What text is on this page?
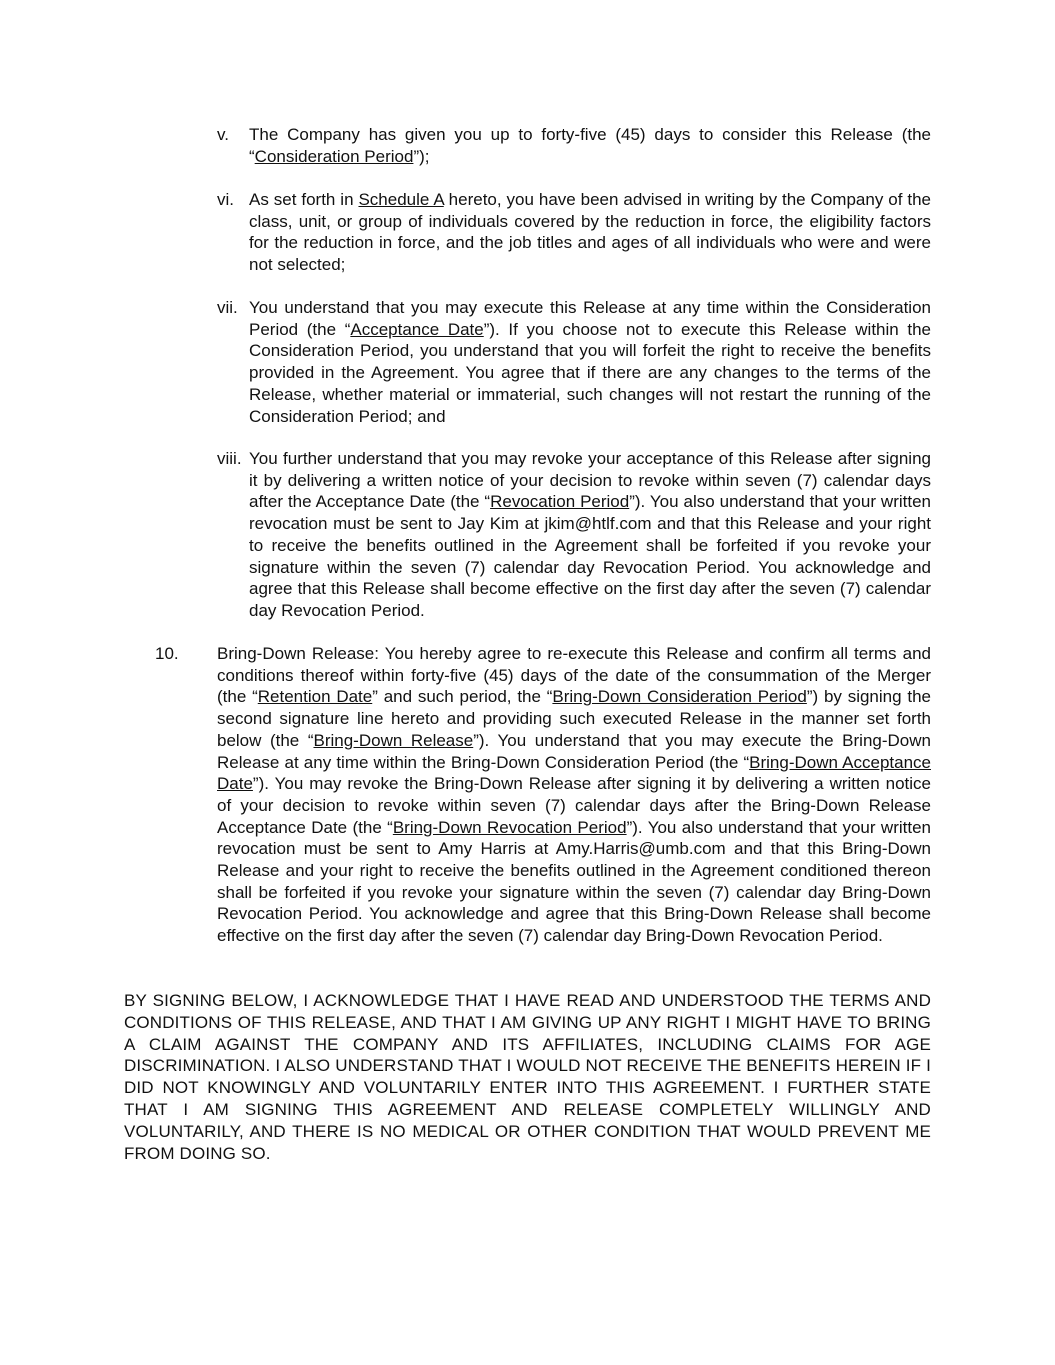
v. The Company has given you up to forty-five (45) days to consider this Release (the “Consideration Period”);
vi. As set forth in Schedule A hereto, you have been advised in writing by the Company of the class, unit, or group of individuals covered by the reduction in force, the eligibility factors for the reduction in force, and the job titles and ages of all individuals who were and were not selected;
vii. You understand that you may execute this Release at any time within the Consideration Period (the “Acceptance Date”). If you choose not to execute this Release within the Consideration Period, you understand that you will forfeit the right to receive the benefits provided in the Agreement. You agree that if there are any changes to the terms of the Release, whether material or immaterial, such changes will not restart the running of the Consideration Period; and
viii. You further understand that you may revoke your acceptance of this Release after signing it by delivering a written notice of your decision to revoke within seven (7) calendar days after the Acceptance Date (the “Revocation Period”). You also understand that your written revocation must be sent to Jay Kim at jkim@htlf.com and that this Release and your right to receive the benefits outlined in the Agreement shall be forfeited if you revoke your signature within the seven (7) calendar day Revocation Period. You acknowledge and agree that this Release shall become effective on the first day after the seven (7) calendar day Revocation Period.
10. Bring-Down Release: You hereby agree to re-execute this Release and confirm all terms and conditions thereof within forty-five (45) days of the date of the consummation of the Merger (the “Retention Date” and such period, the “Bring-Down Consideration Period”) by signing the second signature line hereto and providing such executed Release in the manner set forth below (the “Bring-Down Release”). You understand that you may execute the Bring-Down Release at any time within the Bring-Down Consideration Period (the “Bring-Down Acceptance Date”). You may revoke the Bring-Down Release after signing it by delivering a written notice of your decision to revoke within seven (7) calendar days after the Bring-Down Release Acceptance Date (the “Bring-Down Revocation Period”). You also understand that your written revocation must be sent to Amy Harris at Amy.Harris@umb.com and that this Bring-Down Release and your right to receive the benefits outlined in the Agreement conditioned thereon shall be forfeited if you revoke your signature within the seven (7) calendar day Bring-Down Revocation Period. You acknowledge and agree that this Bring-Down Release shall become effective on the first day after the seven (7) calendar day Bring-Down Revocation Period.
BY SIGNING BELOW, I ACKNOWLEDGE THAT I HAVE READ AND UNDERSTOOD THE TERMS AND CONDITIONS OF THIS RELEASE, AND THAT I AM GIVING UP ANY RIGHT I MIGHT HAVE TO BRING A CLAIM AGAINST THE COMPANY AND ITS AFFILIATES, INCLUDING CLAIMS FOR AGE DISCRIMINATION. I ALSO UNDERSTAND THAT I WOULD NOT RECEIVE THE BENEFITS HEREIN IF I DID NOT KNOWINGLY AND VOLUNTARILY ENTER INTO THIS AGREEMENT. I FURTHER STATE THAT I AM SIGNING THIS AGREEMENT AND RELEASE COMPLETELY WILLINGLY AND VOLUNTARILY, AND THERE IS NO MEDICAL OR OTHER CONDITION THAT WOULD PREVENT ME FROM DOING SO.
